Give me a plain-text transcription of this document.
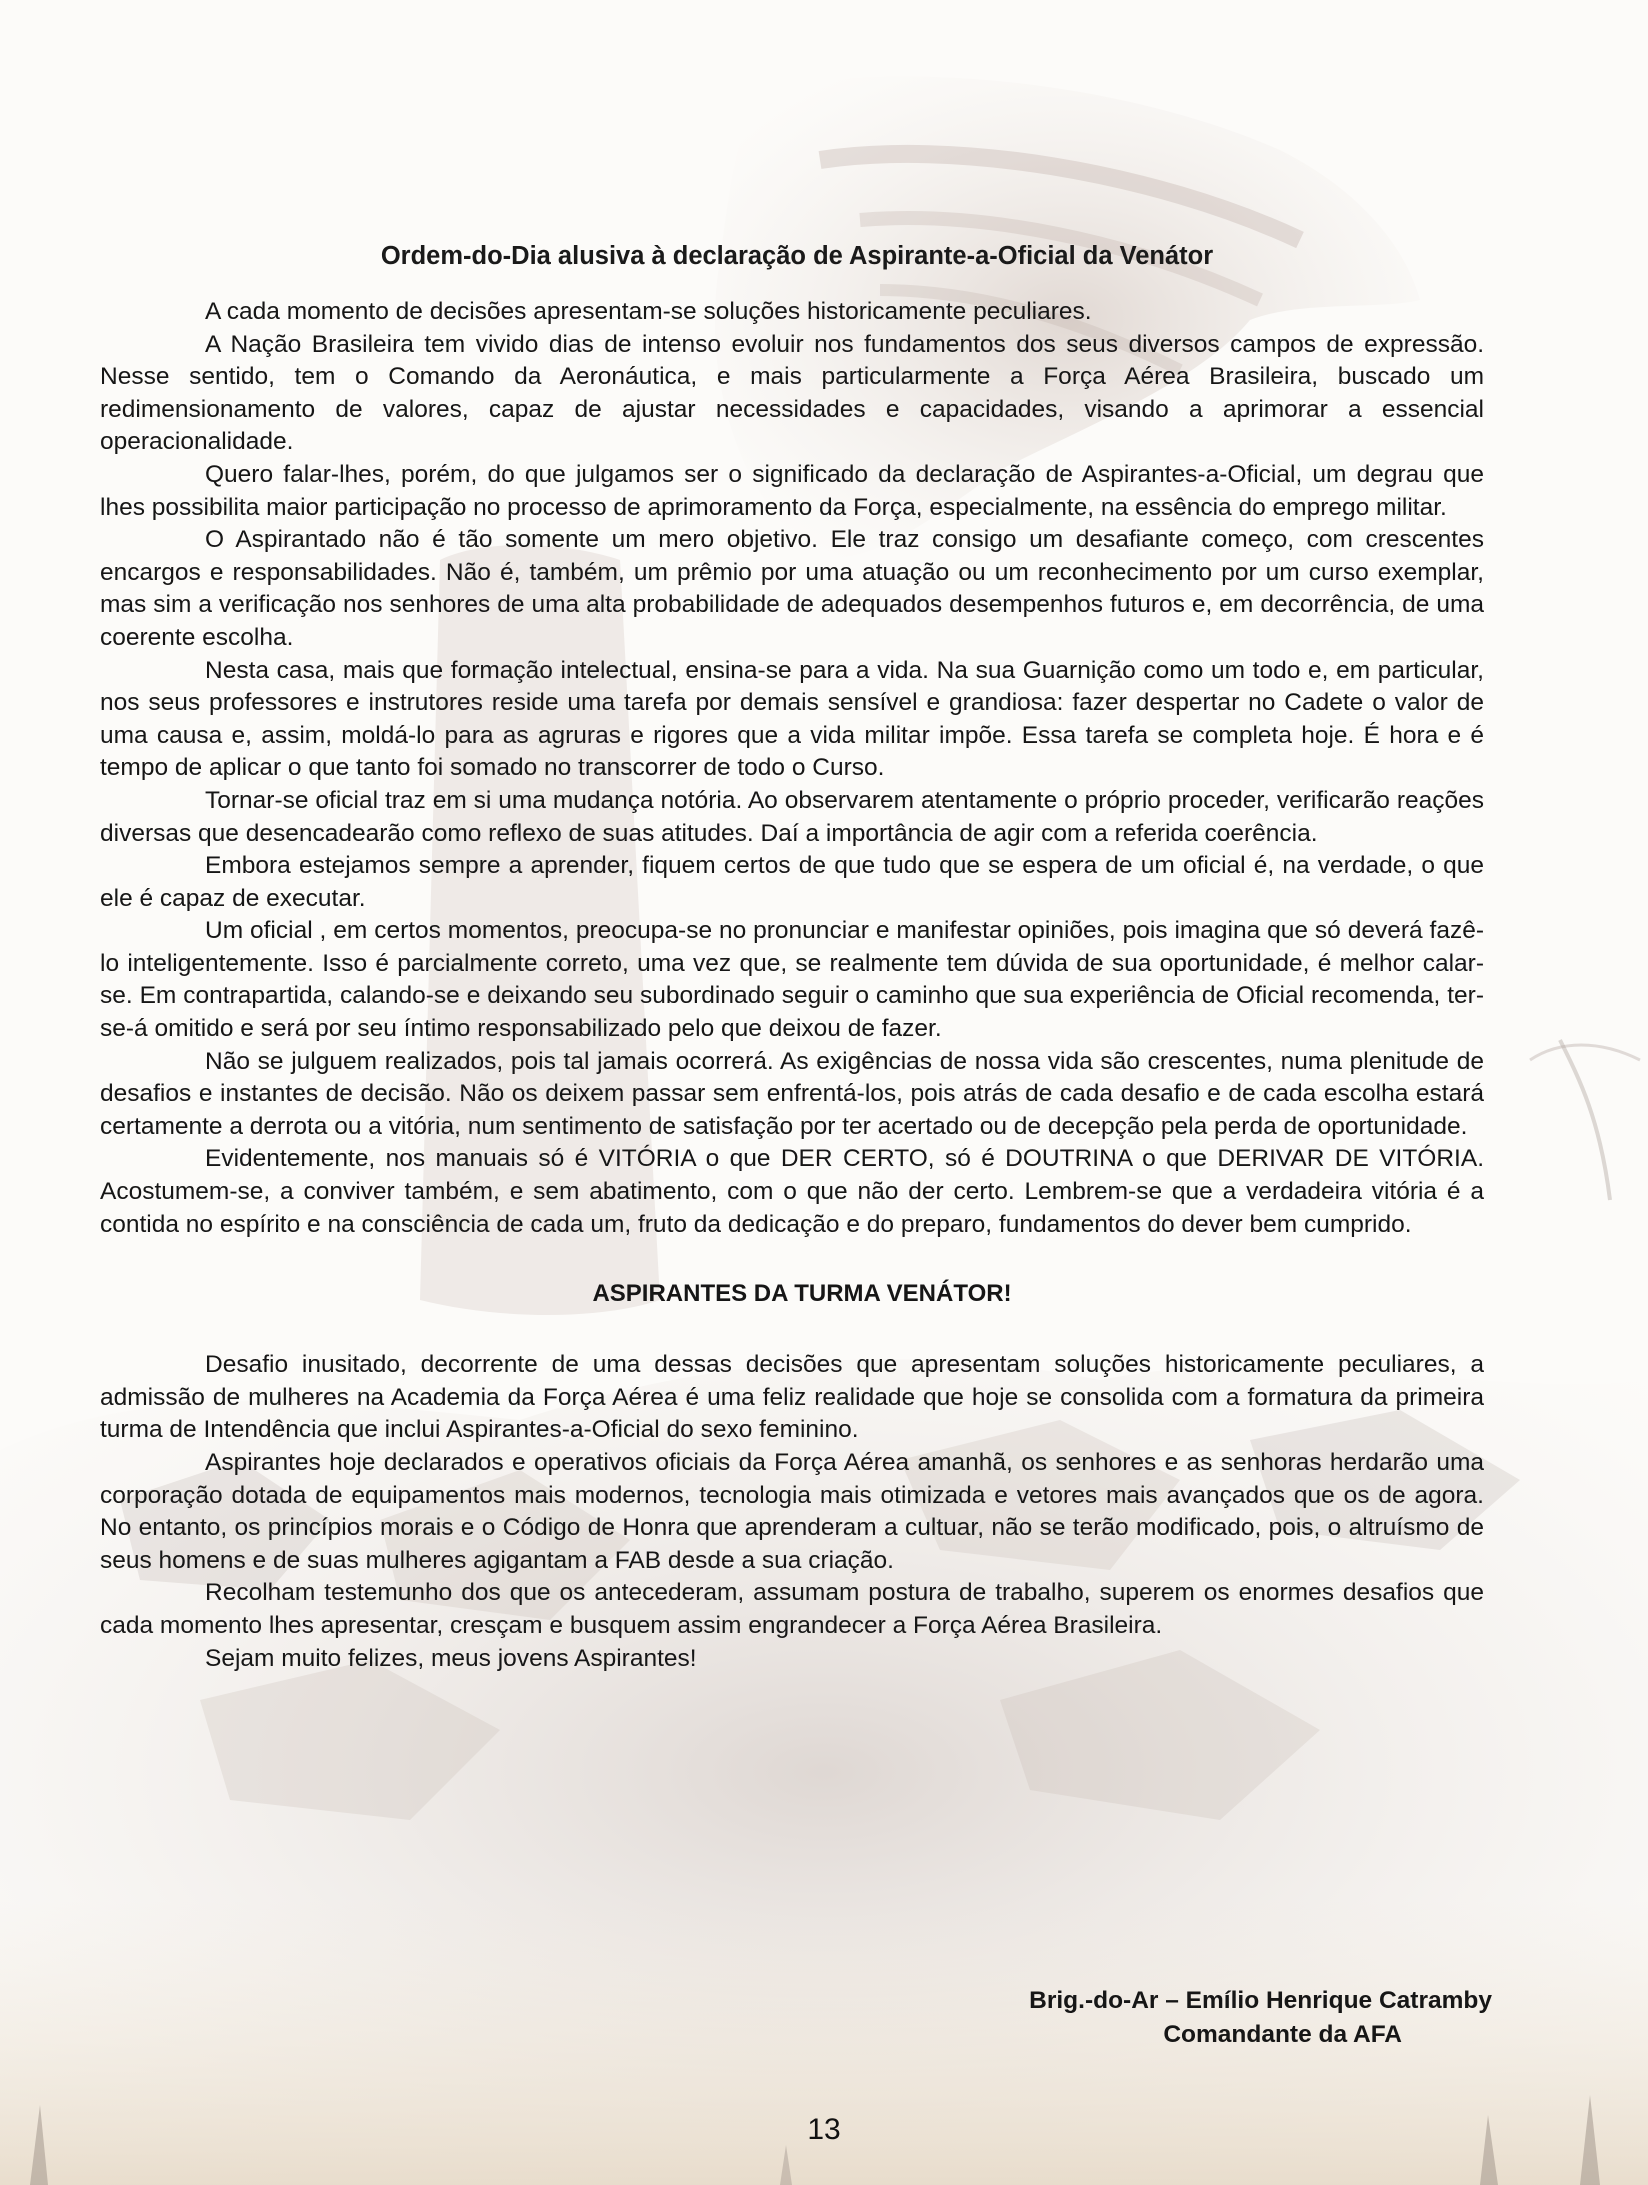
Ordem-do-Dia alusiva à declaração de Aspirante-a-Oficial da Venátor

A cada momento de decisões apresentam-se soluções historicamente peculiares.

A Nação Brasileira tem vivido dias de intenso evoluir nos fundamentos dos seus diversos campos de expressão. Nesse sentido, tem o Comando da Aeronáutica, e mais particularmente a Força Aérea Brasileira, buscado um redimensionamento de valores, capaz de ajustar necessidades e capacidades, visando a aprimorar a essencial operacionalidade.

Quero falar-lhes, porém, do que julgamos ser o significado da declaração de Aspirantes-a-Oficial, um degrau que lhes possibilita maior participação no processo de aprimoramento da Força, especialmente, na essência do emprego militar.

O Aspirantado não é tão somente um mero objetivo. Ele traz consigo um desafiante começo, com crescentes encargos e responsabilidades. Não é, também, um prêmio por uma atuação ou um reconhecimento por um curso exemplar, mas sim a verificação nos senhores de uma alta probabilidade de adequados desempenhos futuros e, em decorrência, de uma coerente escolha.

Nesta casa, mais que formação intelectual, ensina-se para a vida. Na sua Guarnição como um todo e, em particular, nos seus professores e instrutores reside uma tarefa por demais sensível e grandiosa: fazer despertar no Cadete o valor de uma causa e, assim, moldá-lo para as agruras e rigores que a vida militar impõe. Essa tarefa se completa hoje. É hora e é tempo de aplicar o que tanto foi somado no transcorrer de todo o Curso.

Tornar-se oficial traz em si uma mudança notória. Ao observarem atentamente o próprio proceder, verificarão reações diversas que desencadearão como reflexo de suas atitudes. Daí a importância de agir com a referida coerência.

Embora estejamos sempre a aprender, fiquem certos de que tudo que se espera de um oficial é, na verdade, o que ele é capaz de executar.

Um oficial , em certos momentos, preocupa-se no pronunciar e manifestar opiniões, pois imagina que só deverá fazê-lo inteligentemente. Isso é parcialmente correto, uma vez que, se realmente tem dúvida de sua oportunidade, é melhor calar-se. Em contrapartida, calando-se e deixando seu subordinado seguir o caminho que sua experiência de Oficial recomenda, ter-se-á omitido e será por seu íntimo responsabilizado pelo que deixou de fazer.

Não se julguem realizados, pois tal jamais ocorrerá. As exigências de nossa vida são crescentes, numa plenitude de desafios e instantes de decisão. Não os deixem passar sem enfrentá-los, pois atrás de cada desafio e de cada escolha estará certamente a derrota ou a vitória, num sentimento de satisfação por ter acertado ou de decepção pela perda de oportunidade.

Evidentemente, nos manuais só é VITÓRIA o que DER CERTO, só é DOUTRINA o que DERIVAR DE VITÓRIA. Acostumem-se, a conviver também, e sem abatimento, com o que não der certo. Lembrem-se que a verdadeira vitória é a contida no espírito e na consciência de cada um, fruto da dedicação e do preparo, fundamentos do dever bem cumprido.

ASPIRANTES DA TURMA VENÁTOR!

Desafio inusitado, decorrente de uma dessas decisões que apresentam soluções historicamente peculiares, a admissão de mulheres na Academia da Força Aérea é uma feliz realidade que hoje se consolida com a formatura da primeira turma de Intendência que inclui Aspirantes-a-Oficial do sexo feminino.

Aspirantes hoje declarados e operativos oficiais da Força Aérea amanhã, os senhores e as senhoras herdarão uma corporação dotada de equipamentos mais modernos, tecnologia mais otimizada e vetores mais avançados que os de agora. No entanto, os princípios morais e o Código de Honra que aprenderam a cultuar, não se terão modificado, pois, o altruísmo de seus homens e de suas mulheres agigantam a FAB desde a sua criação.

Recolham testemunho dos que os antecederam, assumam postura de trabalho, superem os enormes desafios que cada momento lhes apresentar, cresçam e busquem assim engrandecer a Força Aérea Brasileira.

Sejam muito felizes, meus jovens Aspirantes!

Brig.-do-Ar – Emílio Henrique Catramby
Comandante da AFA
13
